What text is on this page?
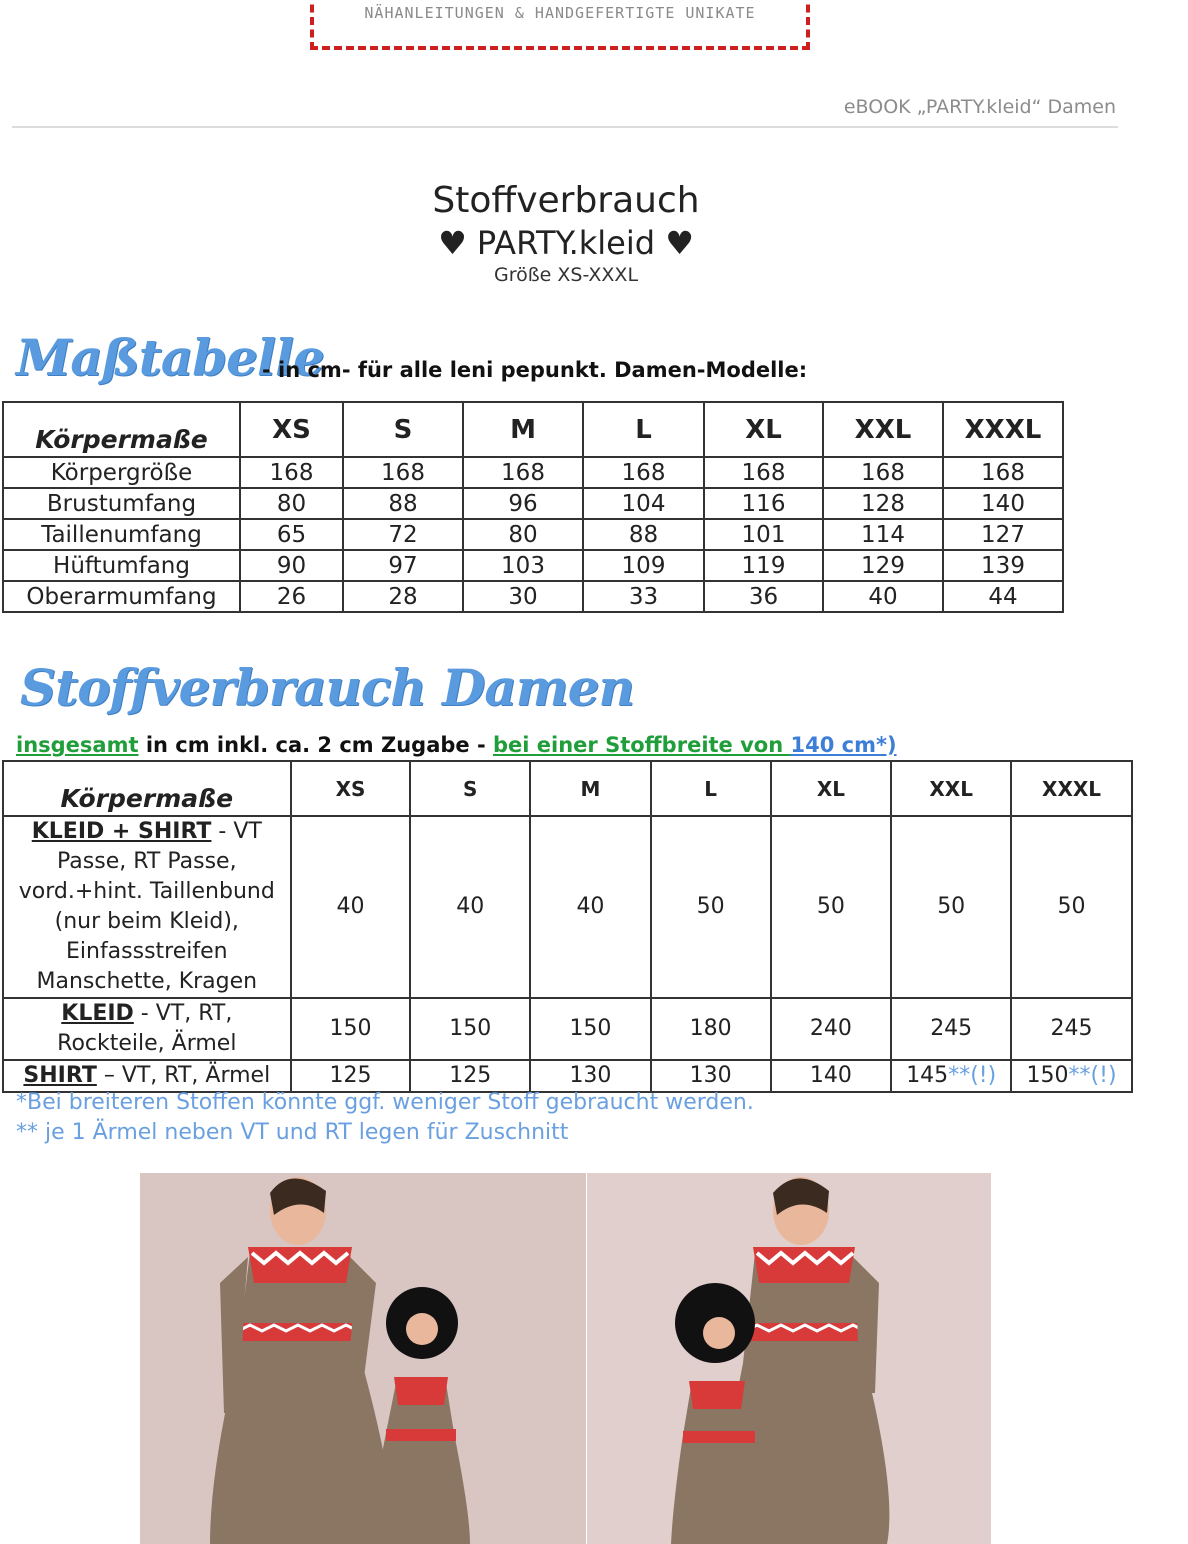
NÄHANLEITUNGEN & HANDGEFERTIGTE UNIKATE
eBOOK „PARTY.kleid“ Damen
Stoffverbrauch
♥ PARTY.kleid ♥
Größe XS-XXXL
Maßtabelle
- in cm- für alle leni pepunkt. Damen-Modelle:
Körpermaße	XS	S	M	L	XL	XXL	XXXL
Körpergröße	168	168	168	168	168	168	168
Brustumfang	80	88	96	104	116	128	140
Taillenumfang	65	72	80	88	101	114	127
Hüftumfang	90	97	103	109	119	129	139
Oberarmumfang	26	28	30	33	36	40	44
Stoffverbrauch Damen
insgesamt in cm inkl. ca. 2 cm Zugabe - bei einer Stoffbreite von 140 cm*)
Körpermaße	XS	S	M	L	XL	XXL	XXXL
KLEID + SHIRT - VT Passe, RT Passe, vord.+hint. Taillenbund (nur beim Kleid), Einfassstreifen Manschette, Kragen	40	40	40	50	50	50	50
KLEID - VT, RT, Rockteile, Ärmel	150	150	150	180	240	245	245
SHIRT – VT, RT, Ärmel	125	125	130	130	140	145**(!)	150**(!)
*Bei breiteren Stoffen könnte ggf. weniger Stoff gebraucht werden.
** je 1 Ärmel neben VT und RT legen für Zuschnitt
